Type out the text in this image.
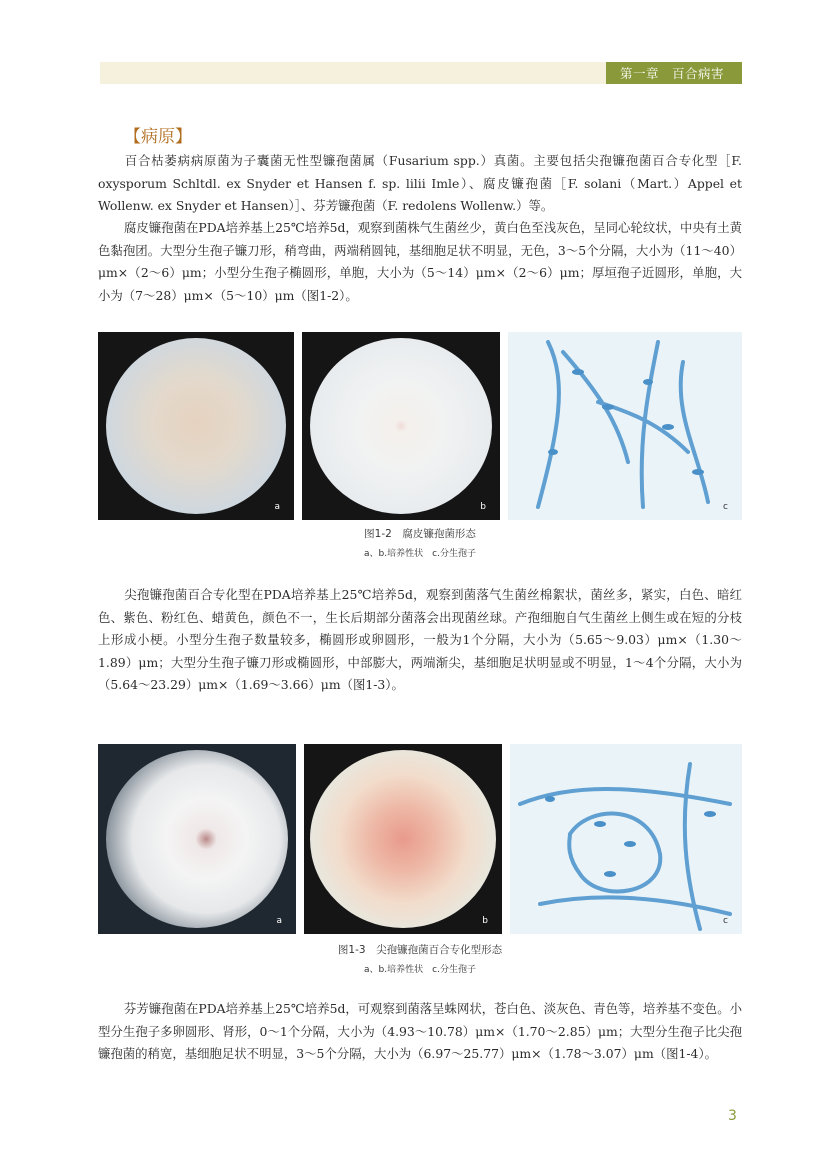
第一章　百合病害
【病原】

百合枯萎病病原菌为子囊菌无性型镰孢菌属（Fusarium spp.）真菌。主要包括尖孢镰孢菌百合专化型［F. oxysporum Schltdl. ex Snyder et Hansen f. sp. lilii Imle）、腐皮镰孢菌［F. solani（Mart.）Appel et Wollenw. ex Snyder et Hansen）］、芬芳镰孢菌（F. redolens Wollenw.）等。

腐皮镰孢菌在PDA培养基上25℃培养5d，观察到菌株气生菌丝少，黄白色至浅灰色，呈同心轮纹状，中央有土黄色黏孢团。大型分生孢子镰刀形，稍弯曲，两端稍圆钝，基细胞足状不明显，无色，3～5个分隔，大小为（11～40）μm×（2～6）μm；小型分生孢子椭圆形，单胞，大小为（5～14）μm×（2～6）μm；厚垣孢子近圆形，单胞，大小为（7～28）μm×（5～10）μm（图1-2）。

a	b	c
图1-2　腐皮镰孢菌形态
a、b.培养性状　c.分生孢子

尖孢镰孢菌百合专化型在PDA培养基上25℃培养5d，观察到菌落气生菌丝棉絮状，菌丝多，紧实，白色、暗红色、紫色、粉红色、蜡黄色，颜色不一，生长后期部分菌落会出现菌丝球。产孢细胞自气生菌丝上侧生或在短的分枝上形成小梗。小型分生孢子数量较多，椭圆形或卵圆形，一般为1个分隔，大小为（5.65～9.03）μm×（1.30～1.89）μm；大型分生孢子镰刀形或椭圆形，中部膨大，两端渐尖，基细胞足状明显或不明显，1～4个分隔，大小为（5.64～23.29）μm×（1.69～3.66）μm（图1-3）。

a	b	c
图1-3　尖孢镰孢菌百合专化型形态
a、b.培养性状　c.分生孢子

芬芳镰孢菌在PDA培养基上25℃培养5d，可观察到菌落呈蛛网状，苍白色、淡灰色、青色等，培养基不变色。小型分生孢子多卵圆形、肾形，0～1个分隔，大小为（4.93～10.78）μm×（1.70～2.85）μm；大型分生孢子比尖孢镰孢菌的稍宽，基细胞足状不明显，3～5个分隔，大小为（6.97～25.77）μm×（1.78～3.07）μm（图1-4）。

3
